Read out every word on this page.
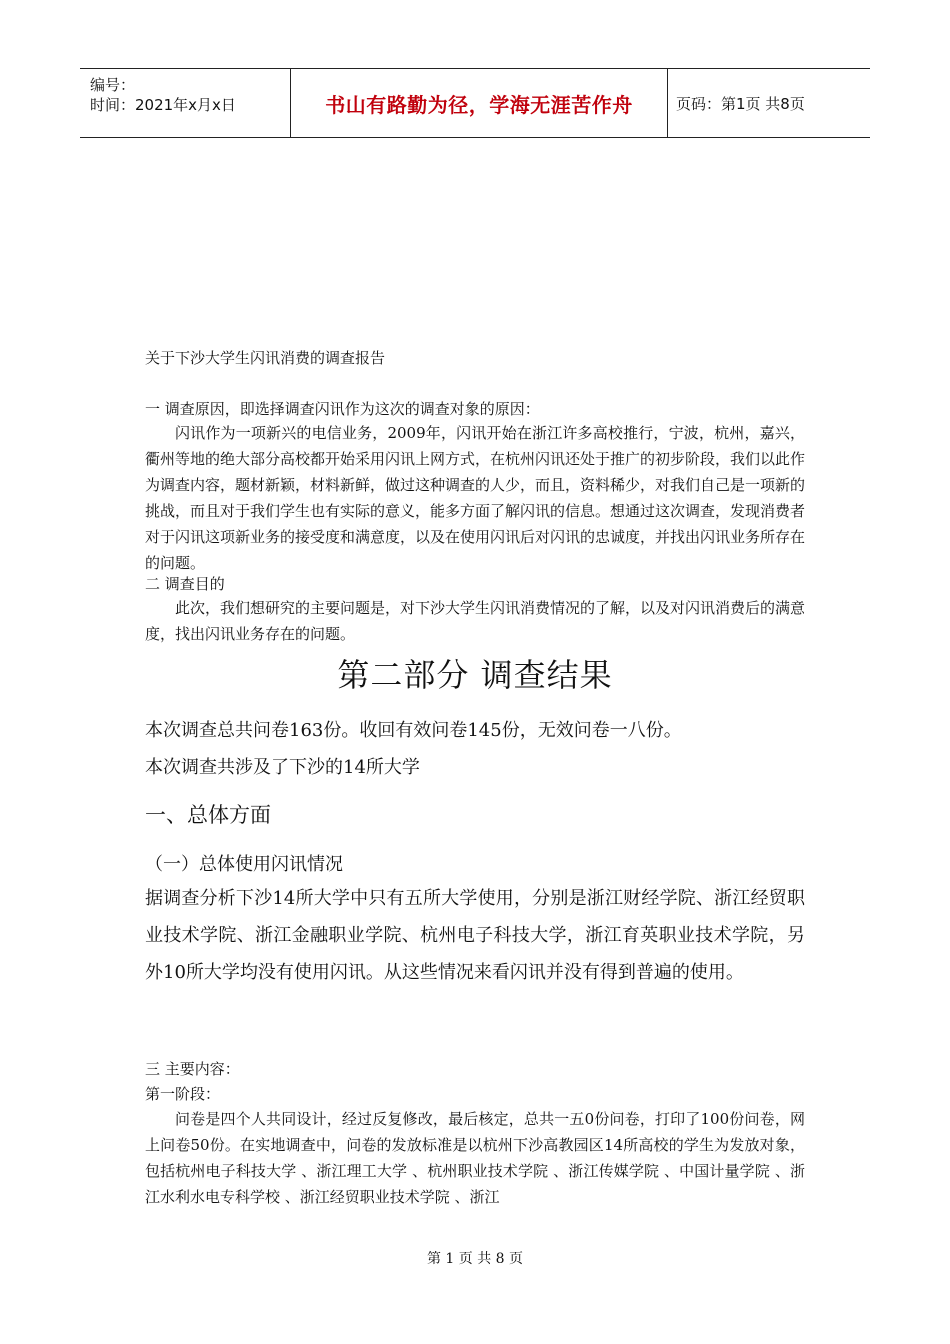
编号：
时间：2021年x月x日	书山有路勤为径，学海无涯苦作舟	页码：第1页 共8页
关于下沙大学生闪讯消费的调查报告
一 调查原因，即选择调查闪讯作为这次的调查对象的原因：

闪讯作为一项新兴的电信业务，2009年，闪讯开始在浙江许多高校推行，宁波，杭州，嘉兴，衢州等地的绝大部分高校都开始采用闪讯上网方式，在杭州闪讯还处于推广的初步阶段，我们以此作为调查内容，题材新颖，材料新鲜，做过这种调查的人少，而且，资料稀少，对我们自己是一项新的挑战，而且对于我们学生也有实际的意义，能多方面了解闪讯的信息。想通过这次调查，发现消费者对于闪讯这项新业务的接受度和满意度，以及在使用闪讯后对闪讯的忠诚度，并找出闪讯业务所存在的问题。

二 调查目的

此次，我们想研究的主要问题是，对下沙大学生闪讯消费情况的了解，以及对闪讯消费后的满意度，找出闪讯业务存在的问题。

第二部分 调查结果
本次调查总共问卷163份。收回有效问卷145份，无效问卷一八份。
本次调查共涉及了下沙的14所大学
一、总体方面
（一）总体使用闪讯情况
据调查分析下沙14所大学中只有五所大学使用，分别是浙江财经学院、浙江经贸职业技术学院、浙江金融职业学院、杭州电子科技大学，浙江育英职业技术学院，另外10所大学均没有使用闪讯。从这些情况来看闪讯并没有得到普遍的使用。
三 主要内容：
第一阶段：

问卷是四个人共同设计，经过反复修改，最后核定，总共一五0份问卷，打印了100份问卷，网上问卷50份。在实地调查中，问卷的发放标准是以杭州下沙高教园区14所高校的学生为发放对象，包括杭州电子科技大学 、浙江理工大学 、杭州职业技术学院 、浙江传媒学院 、中国计量学院 、浙江水利水电专科学校 、浙江经贸职业技术学院 、浙江

第 1 页 共 8 页
